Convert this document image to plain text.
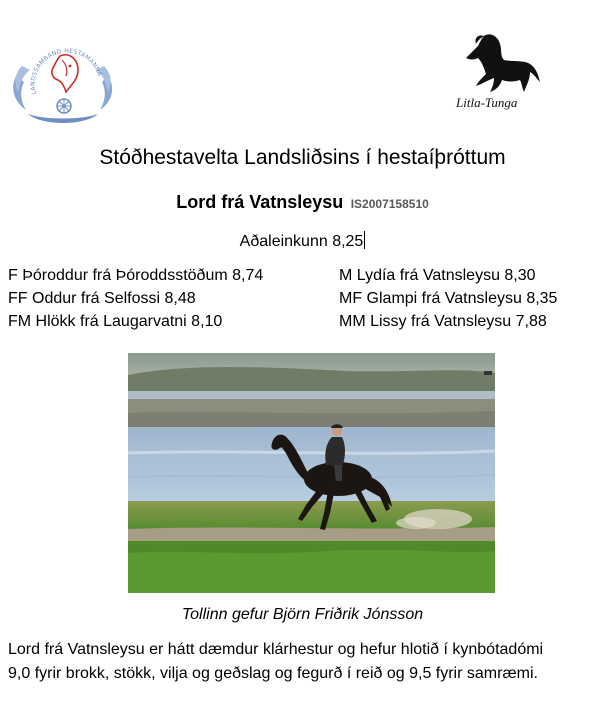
LANDSSAMBAND HESTAMANNA
Litla-Tunga
Stóðhestavelta Landsliðsins í hestaíþróttum
Lord frá Vatnsleysu IS2007158510
Aðaleinkunn 8,25
F Þóroddur frá Þóroddsstöðum 8,74
FF Oddur frá Selfossi 8,48
FM Hlökk frá Laugarvatni 8,10
M Lydía frá Vatnsleysu 8,30
MF Glampi frá Vatnsleysu 8,35
MM Lissy frá Vatnsleysu 7,88
Tollinn gefur Björn Friðrik Jónsson
Lord frá Vatnsleysu er hátt dæmdur klárhestur og hefur hlotið í kynbótadómi
9,0 fyrir brokk, stökk, vilja og geðslag og fegurð í reið og 9,5 fyrir samræmi.
